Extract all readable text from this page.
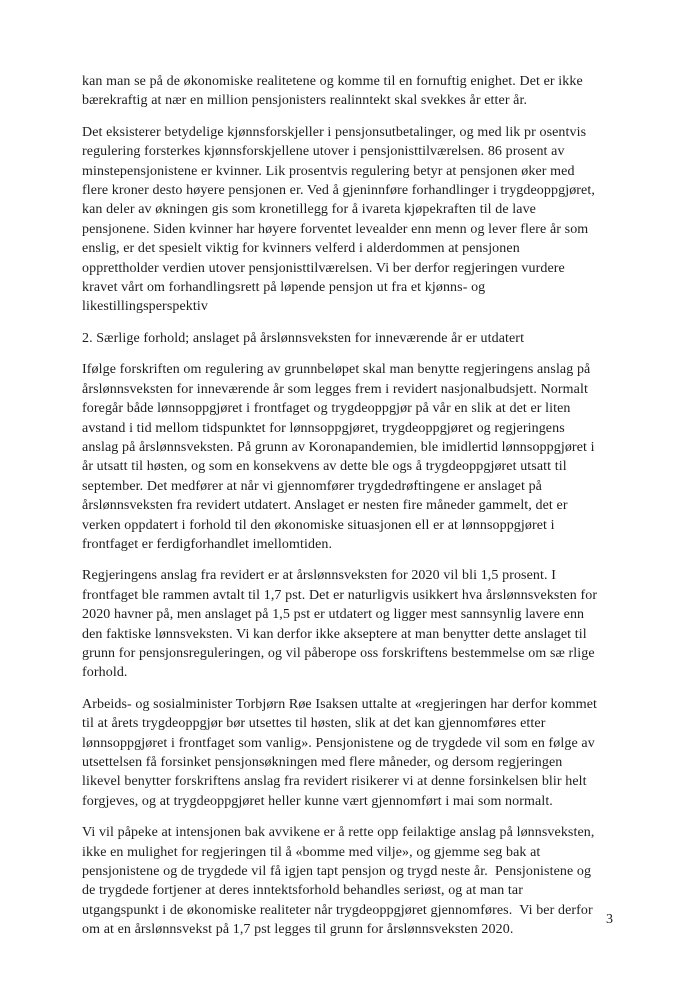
kan man se på de økonomiske realitetene og komme til en fornuftig enighet. Det er ikke
bærekraftig at nær en million pensjonisters realinntekt skal svekkes år etter år.

Det eksisterer betydelige kjønnsforskjeller i pensjonsutbetalinger, og med lik pr osentvis
regulering forsterkes kjønnsforskjellene utover i pensjonisttilværelsen. 86 prosent av
minstepensjonistene er kvinner. Lik prosentvis regulering betyr at pensjonen øker med
flere kroner desto høyere pensjonen er. Ved å gjeninnføre forhandlinger i trygdeoppgjøret,
kan deler av økningen gis som kronetillegg for å ivareta kjøpekraften til de lave
pensjonene. Siden kvinner har høyere forventet levealder enn menn og lever flere år som
enslig, er det spesielt viktig for kvinners velferd i alderdommen at pensjonen
opprettholder verdien utover pensjonisttilværelsen. Vi ber derfor regjeringen vurdere
kravet vårt om forhandlingsrett på løpende pensjon ut fra et kjønns- og
likestillingsperspektiv

2. Særlige forhold; anslaget på årslønnsveksten for inneværende år er utdatert

Ifølge forskriften om regulering av grunnbeløpet skal man benytte regjeringens anslag på
årslønnsveksten for inneværende år som legges frem i revidert nasjonalbudsjett. Normalt
foregår både lønnsoppgjøret i frontfaget og trygdeoppgjør på vår en slik at det er liten
avstand i tid mellom tidspunktet for lønnsoppgjøret, trygdeoppgjøret og regjeringens
anslag på årslønnsveksten. På grunn av Koronapandemien, ble imidlertid lønnsoppgjøret i
år utsatt til høsten, og som en konsekvens av dette ble ogs å trygdeoppgjøret utsatt til
september. Det medfører at når vi gjennomfører trygdedrøftingene er anslaget på
årslønnsveksten fra revidert utdatert. Anslaget er nesten fire måneder gammelt, det er
verken oppdatert i forhold til den økonomiske situasjonen ell er at lønnsoppgjøret i
frontfaget er ferdigforhandlet imellomtiden.

Regjeringens anslag fra revidert er at årslønnsveksten for 2020 vil bli 1,5 prosent. I
frontfaget ble rammen avtalt til 1,7 pst. Det er naturligvis usikkert hva årslønnsveksten for
2020 havner på, men anslaget på 1,5 pst er utdatert og ligger mest sannsynlig lavere enn
den faktiske lønnsveksten. Vi kan derfor ikke akseptere at man benytter dette anslaget til
grunn for pensjonsreguleringen, og vil påberope oss forskriftens bestemmelse om sæ rlige
forhold.

Arbeids- og sosialminister Torbjørn Røe Isaksen uttalte at «regjeringen har derfor kommet
til at årets trygdeoppgjør bør utsettes til høsten, slik at det kan gjennomføres etter
lønnsoppgjøret i frontfaget som vanlig». Pensjonistene og de trygdede vil som en følge av
utsettelsen få forsinket pensjonsøkningen med flere måneder, og dersom regjeringen
likevel benytter forskriftens anslag fra revidert risikerer vi at denne forsinkelsen blir helt
forgjeves, og at trygdeoppgjøret heller kunne vært gjennomført i mai som normalt.

Vi vil påpeke at intensjonen bak avvikene er å rette opp feilaktige anslag på lønnsveksten,
ikke en mulighet for regjeringen til å «bomme med vilje», og gjemme seg bak at
pensjonistene og de trygdede vil få igjen tapt pensjon og trygd neste år.  Pensjonistene og
de trygdede fortjener at deres inntektsforhold behandles seriøst, og at man tar
utgangspunkt i de økonomiske realiteter når trygdeoppgjøret gjennomføres.  Vi ber derfor
om at en årslønnsvekst på 1,7 pst legges til grunn for årslønnsveksten 2020.

3
